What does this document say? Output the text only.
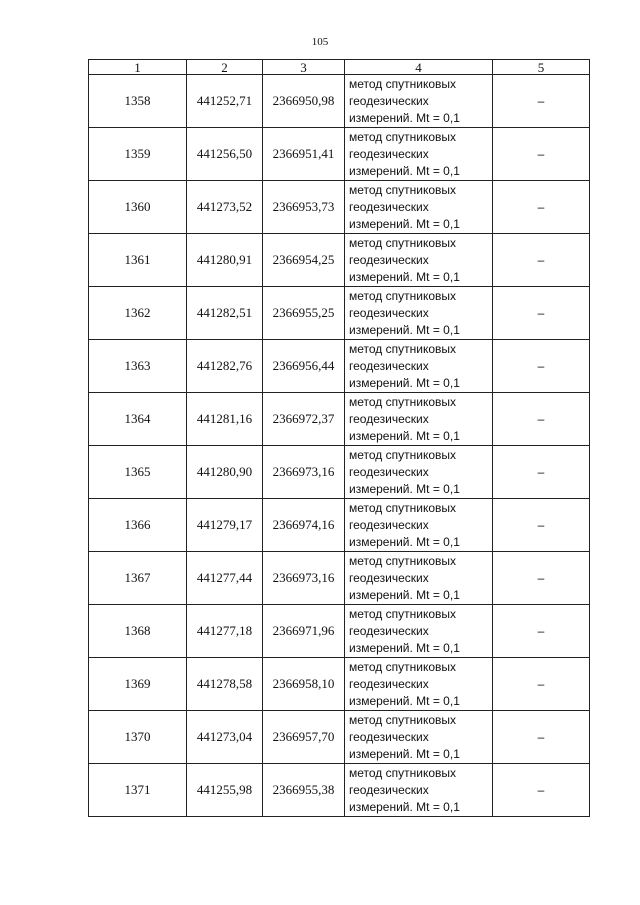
105
1	2	3	4	5
1358	441252,71	2366950,98	метод спутниковых
геодезических
измерений. Mt = 0,1	–
1359	441256,50	2366951,41	метод спутниковых
геодезических
измерений. Mt = 0,1	–
1360	441273,52	2366953,73	метод спутниковых
геодезических
измерений. Mt = 0,1	–
1361	441280,91	2366954,25	метод спутниковых
геодезических
измерений. Mt = 0,1	–
1362	441282,51	2366955,25	метод спутниковых
геодезических
измерений. Mt = 0,1	–
1363	441282,76	2366956,44	метод спутниковых
геодезических
измерений. Mt = 0,1	–
1364	441281,16	2366972,37	метод спутниковых
геодезических
измерений. Mt = 0,1	–
1365	441280,90	2366973,16	метод спутниковых
геодезических
измерений. Mt = 0,1	–
1366	441279,17	2366974,16	метод спутниковых
геодезических
измерений. Mt = 0,1	–
1367	441277,44	2366973,16	метод спутниковых
геодезических
измерений. Mt = 0,1	–
1368	441277,18	2366971,96	метод спутниковых
геодезических
измерений. Mt = 0,1	–
1369	441278,58	2366958,10	метод спутниковых
геодезических
измерений. Mt = 0,1	–
1370	441273,04	2366957,70	метод спутниковых
геодезических
измерений. Mt = 0,1	–
1371	441255,98	2366955,38	метод спутниковых
геодезических
измерений. Mt = 0,1	–
